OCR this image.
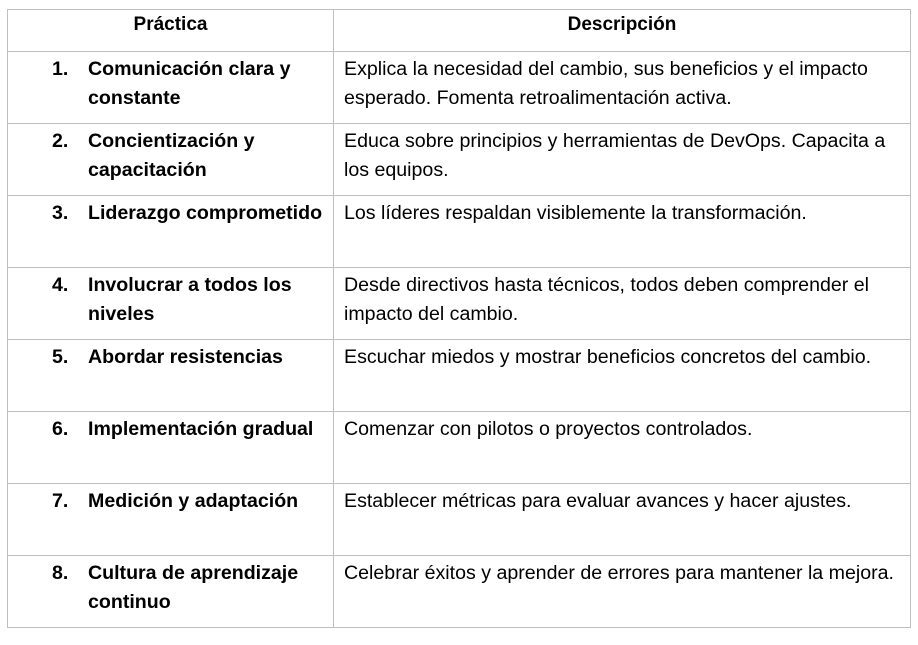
Práctica	Descripción

1. Comunicación clara y constante	Explica la necesidad del cambio, sus beneficios y el impacto esperado. Fomenta retroalimentación activa.

2. Concientización y capacitación	Educa sobre principios y herramientas de DevOps. Capacita a los equipos.

3. Liderazgo comprometido	Los líderes respaldan visiblemente la transformación.

4. Involucrar a todos los niveles	Desde directivos hasta técnicos, todos deben comprender el impacto del cambio.

5. Abordar resistencias	Escuchar miedos y mostrar beneficios concretos del cambio.

6. Implementación gradual	Comenzar con pilotos o proyectos controlados.

7. Medición y adaptación	Establecer métricas para evaluar avances y hacer ajustes.

8. Cultura de aprendizaje continuo	Celebrar éxitos y aprender de errores para mantener la mejora.
